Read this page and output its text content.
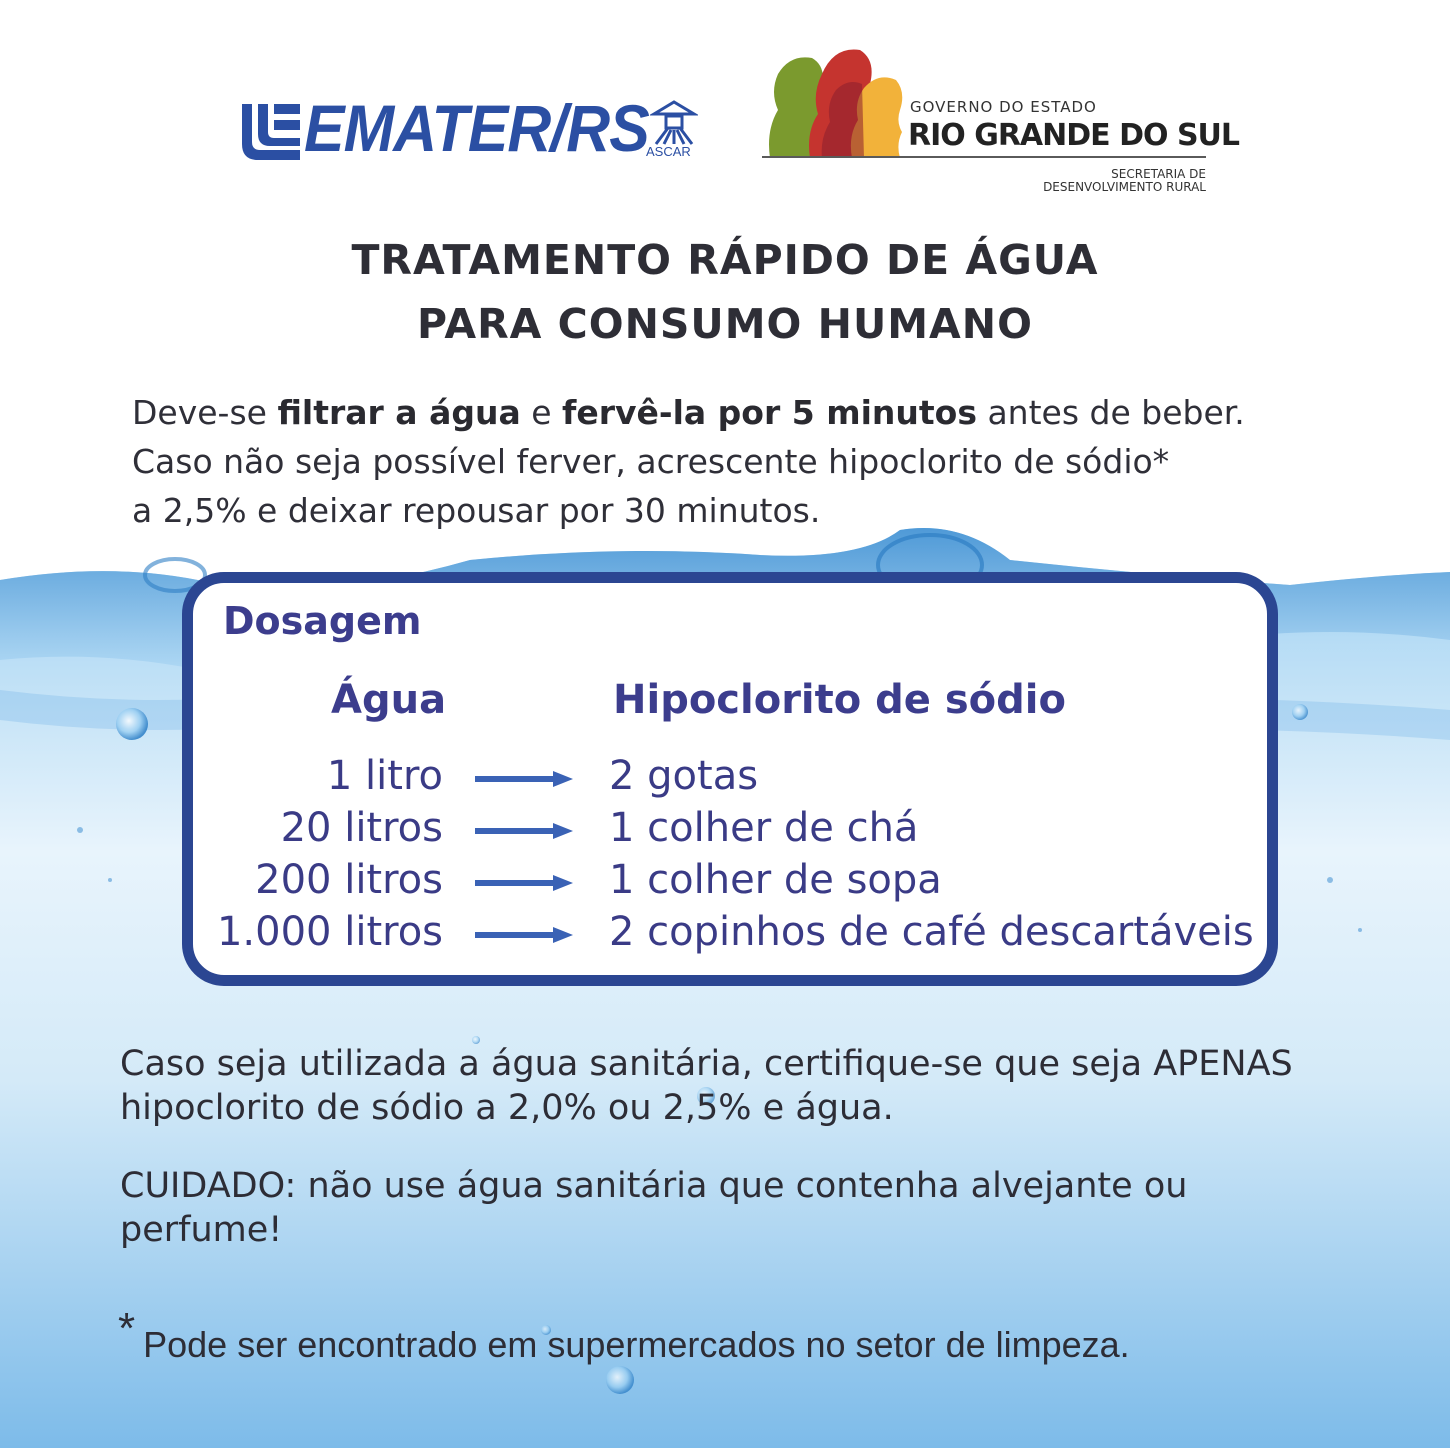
EMATER/RS
ASCAR
GOVERNO DO ESTADO
RIO GRANDE DO SUL
SECRETARIA DE
DESENVOLVIMENTO RURAL
TRATAMENTO RÁPIDO DE ÁGUA
PARA CONSUMO HUMANO
Deve-se filtrar a água e fervê-la por 5 minutos antes de beber.
Caso não seja possível ferver, acrescente hipoclorito de sódio*
a 2,5% e deixar repousar por 30 minutos.
Dosagem
Água	Hipoclorito de sódio
1 litro	2 gotas
20 litros	1 colher de chá
200 litros	1 colher de sopa
1.000 litros	2 copinhos de café descartáveis
Caso seja utilizada a água sanitária, certifique-se que seja APENAS hipoclorito de sódio a 2,0% ou 2,5% e água.
CUIDADO: não use água sanitária que contenha alvejante ou perfume!
* Pode ser encontrado em supermercados no setor de limpeza.
